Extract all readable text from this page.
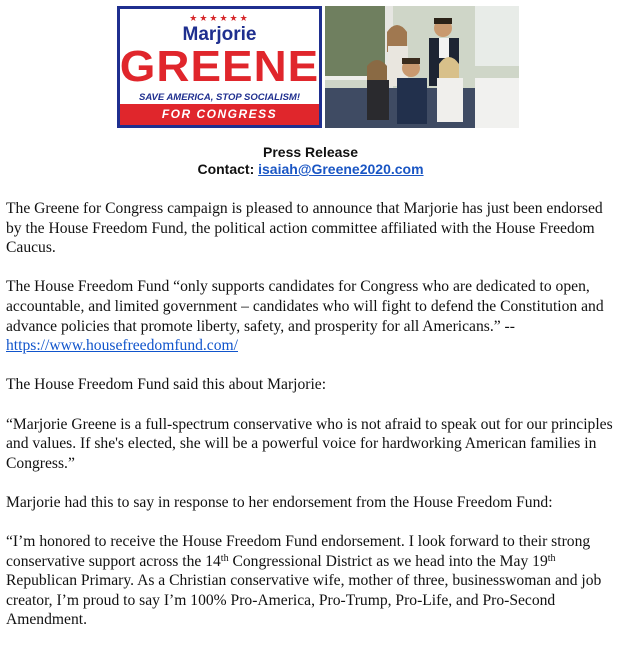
★★★★★★
Marjorie
GREENE
SAVE AMERICA, STOP SOCIALISM!
FOR CONGRESS
Press Release
Contact: isaiah@Greene2020.com

The Greene for Congress campaign is pleased to announce that Marjorie has just been endorsed by the House Freedom Fund, the political action committee affiliated with the House Freedom Caucus.

The House Freedom Fund “only supports candidates for Congress who are dedicated to open, accountable, and limited government – candidates who will fight to defend the Constitution and advance policies that promote liberty, safety, and prosperity for all Americans.” -- https://www.housefreedomfund.com/

The House Freedom Fund said this about Marjorie:

“Marjorie Greene is a full-spectrum conservative who is not afraid to speak out for our principles and values. If she's elected, she will be a powerful voice for hardworking American families in Congress.”

Marjorie had this to say in response to her endorsement from the House Freedom Fund:

“I’m honored to receive the House Freedom Fund endorsement. I look forward to their strong conservative support across the 14th Congressional District as we head into the May 19th Republican Primary. As a Christian conservative wife, mother of three, businesswoman and job creator, I’m proud to say I’m 100% Pro-America, Pro-Trump, Pro-Life, and Pro-Second Amendment.
